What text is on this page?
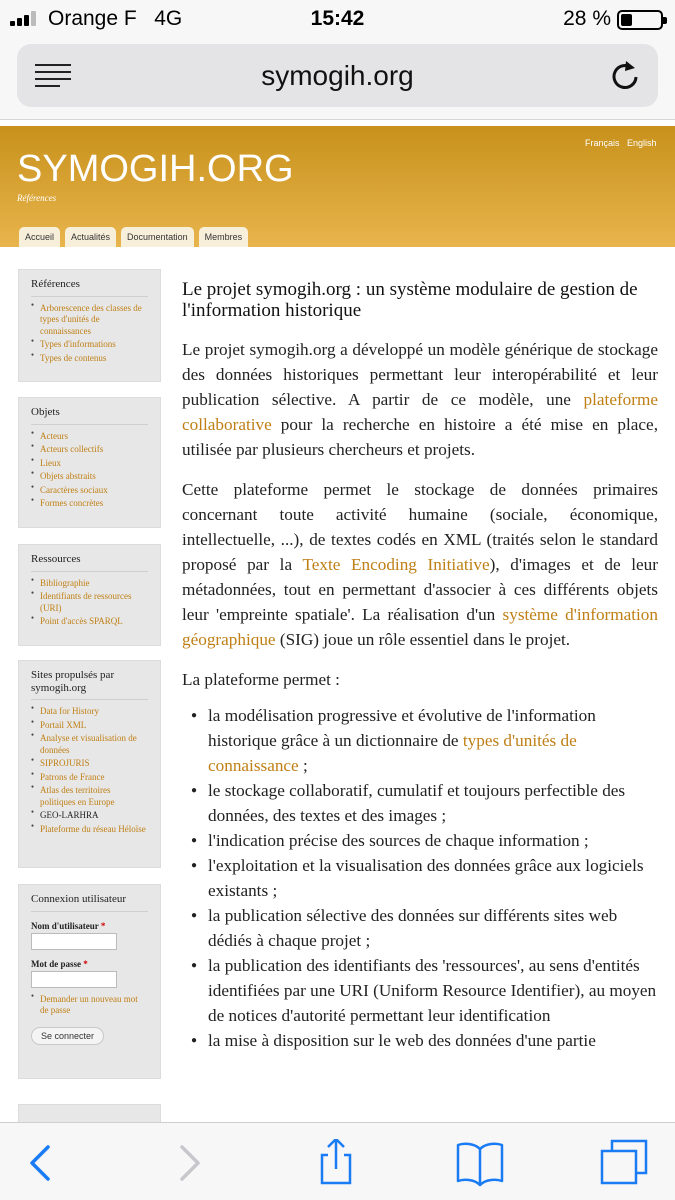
Orange F 4G	15:42	28 %
symogih.org
Français English
SYMOGIH.ORG
Références
Accueil	Actualités	Documentation	Membres
Références
● Arborescence des classes de types d'unités de connaissances
● Types d'informations
● Types de contenus
Objets
● Acteurs
● Acteurs collectifs
● Lieux
● Objets abstraits
● Caractères sociaux
● Formes concrètes
Ressources
● Bibliographie
● Identifiants de ressources (URI)
● Point d'accès SPARQL
Sites propulsés par symogih.org
● Data for History
● Portail XML
● Analyse et visualisation de données
● SIPROJURIS
● Patrons de France
● Atlas des territoires politiques en Europe
● GEO-LARHRA
● Plateforme du réseau Héloïse
Connexion utilisateur
Nom d'utilisateur *
Mot de passe *
● Demander un nouveau mot de passe
Se connecter
Le projet symogih.org : un système modulaire de gestion de l'information historique

Le projet symogih.org a développé un modèle générique de stockage des données historiques permettant leur interopérabilité et leur publication sélective. A partir de ce modèle, une plateforme collaborative pour la recherche en histoire a été mise en place, utilisée par plusieurs chercheurs et projets.

Cette plateforme permet le stockage de données primaires concernant toute activité humaine (sociale, économique, intellectuelle, ...), de textes codés en XML (traités selon le standard proposé par la Texte Encoding Initiative), d'images et de leur métadonnées, tout en permettant d'associer à ces différents objets leur 'empreinte spatiale'. La réalisation d'un système d'information géographique (SIG) joue un rôle essentiel dans le projet.

La plateforme permet :

● la modélisation progressive et évolutive de l'information historique grâce à un dictionnaire de types d'unités de connaissance ;
● le stockage collaboratif, cumulatif et toujours perfectible des données, des textes et des images ;
● l'indication précise des sources de chaque information ;
● l'exploitation et la visualisation des données grâce aux logiciels existants ;
● la publication sélective des données sur différents sites web dédiés à chaque projet ;
● la publication des identifiants des 'ressources', au sens d'entités identifiées par une URI (Uniform Resource Identifier), au moyen de notices d'autorité permettant leur identification
● la mise à disposition sur le web des données d'une partie
